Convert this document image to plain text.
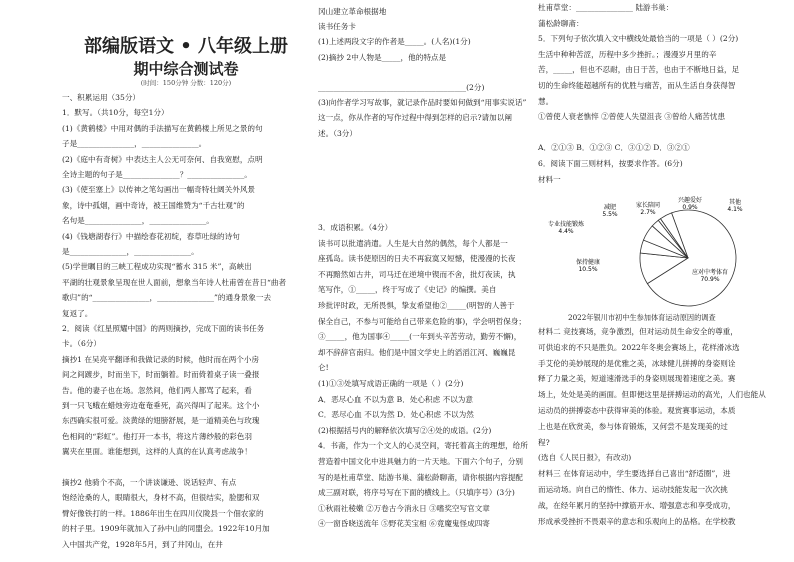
部编版语文 • 八年级上册
期中综合测试卷
(时间：150分钟 分数：120分)
一、积累运用（35分）
1．默写。（共10分，每空1分）
(1)《黄鹤楼》中用对偶的手法描写在黄鹤楼上所见之景的句
子是_______________，_______________。
(2)《庭中有奇树》中表达主人公无可奈何、自我宽慰，点明
全诗主题的句子是_______________？_______________。
(3)《使至塞上》以传神之笔勾画出一幅奇特壮阔关外风景
象，诗中孤烟，画中奇诗，被王国维赞为“千古壮观”的
名句是_______________，_______________。
(4)《钱塘湖春行》中描绘春花初绽，春草吐绿的诗句
是_______________，_______________。
(5)学世瞩目的三峡工程成功实现“蓄水 315 米”，高峡出
平湖的壮观景象呈现在世人面前，想象当年诗人杜甫曾在昔日“曲者
歌归”的“_______________，_______________”的通身景象一去
复返了。
2．阅读《红星照耀中国》的两则摘抄，完成下面的读书任务
卡。（6分）
摘抄1 在吴亮平翻译和我做记录的时候，他时而在两个小房
间之间踱步，时而坐下，时而躺着。时而倚着桌子读一叠报
告。他的妻子也在场。忽然间，他们两人都骂了起来，看
到一只飞蛾在蜡烛旁边奄奄垂死，高兴得叫了起来。这个小
东西确实很可爱。淡黄绿的翅膀舒展，是一道精美色与玫瑰
色相间的“彩虹”。他打开一本书，将这片薄纱般的彩色羽
翼夹在里面。谁能想到，这样的人真的在认真考虑战争！
摘抄2 他骑个不高，一个讲谈谦逊、说话轻声、有点
饱经沧桑的人，眼睛很大，身材不高，但很结实，脸腮和双
臂好像铁打的一样。1886年出生在四川仪陇县一个佃农家的
的村子里。1909年就加入了孙中山的同盟会。1922年10月加
入中国共产党，1928年5月，到了井冈山，在井
冈山建立革命根据地
读书任务卡
(1)上述两段文字的作者是_____。(人名)(1分)
(2)摘抄 2中人物是_____，他的特点是
_______________________________________(2分)
(3)向作者学习写故事，就记录作品时要如何做到“用事实说话”
这一点，你从作者的写作过程中得到怎样的启示?请加以阐
述。（3分）
3．成语积累。（4分）
读书可以批遣消遣。人生是大自然的偶然，每个人都是一
座孤岛。读书使原因的日夫不再寂寞又短憾，使漫漫的长夜
不再黯然如古井，司马迁在逆境中锲而不舍，批灯夜读，执
笔写作，①_____，终于写成了《史记》的编撰。美自
珍批评时政，无所畏惧，挚友希望他②_____(明智的人善于
保全自己，不参与可能给自己带来危险的事)，学会明哲保身；
③_____，他为国事④_____(一年到头辛苦劳动，勤劳不懈)，
却不辞辞官南归。他们是中国文学史上的滔滔江河、巍巍昆
仑!
(1)①③处填写成语正确的一项是（ ）(2分)
A．恶尽心血 不以为意 B．处心积虑 不以为意
C．恶尽心血 不以为然 D．处心积虑 不以为然
(2)根据括号内的解释依次填写②④处的成语。(2分)
4．书斋，作为一个文人的心灵空间，寄托着高主的理想，给所
营造着中国文化中进具魅力的一片天地。下面六个句子，分别
写的是杜甫草堂、陆游书巢、蒲松龄聊斋，请你根据内容提配
成三副对联，将序号写在下面的横线上。（只填序号）(3分)
①秋雨社稜嫩 ②万卷古今消永日 ③嗜奖空写官文章
④一窗昏晓送流年 ⑤野花芙宝相 ⑥竟魔鬼怪成四寄
杜甫草堂：_______________ 陆游书巢：
蒲松龄聊斋：
5．下列句子依次填入文中横线处最恰当的一项是（ ）(2分)
生活中种种苦涩，历程中多少挫折。；漫漫岁月里的辛
苦，_____，但也不忍耐，由日于苦，也由于不断地日益，足
切的生命终能超越所有的优胜与痛苦，而从生活自身获得智
慧。
①曾使人衰老憔悴 ②曾使人失望沮丧 ③曾给人痛苦忧患
A．②①③ B．①②③ C．③①② D．③②①
6．阅读下面三则材料，按要求作答。(6分)
材料一
应对中考体育
70.9%
保持健康
10.5%
专业技能锻炼
4.4%
减肥
5.5%
家长陪同
2.7%
兴趣爱好
0.9%
其他
4.1%
2022年银川市初中生参加体育运动原因的调查
材料二 竞技赛场，竞争激烈，但对运动员生命安全的尊重，
可供追求的不只是胜负。2022年冬奥会赛场上，花样滑冰选
手艾伦的美妙展现的是优雅之美，冰球健儿拼搏的身姿则诠
释了力量之美，短道速滑选手的身姿则展现着速度之美。赛
场上，处处是美的画面。但即便这里是拼搏运动的高光，人们也能从
运动员的拼搏姿态中获得审美的体验。观赏赛事运动，本质
上也是在欣赏美，参与体育锻炼，又何尝不是发现美的过
程?
(选自《人民日报》，有改动)
材料三 在体育运动中，学生要选择自己喜出“舒适圈”，进
而运动场。向自己的惰性、体力、运动技能发起一次次挑
战，在经年累月的坚持中撑筋开水、增强意志和享受成功，
形成承受挫折不畏艰辛的意志和乐观向上的品格。在学校教
